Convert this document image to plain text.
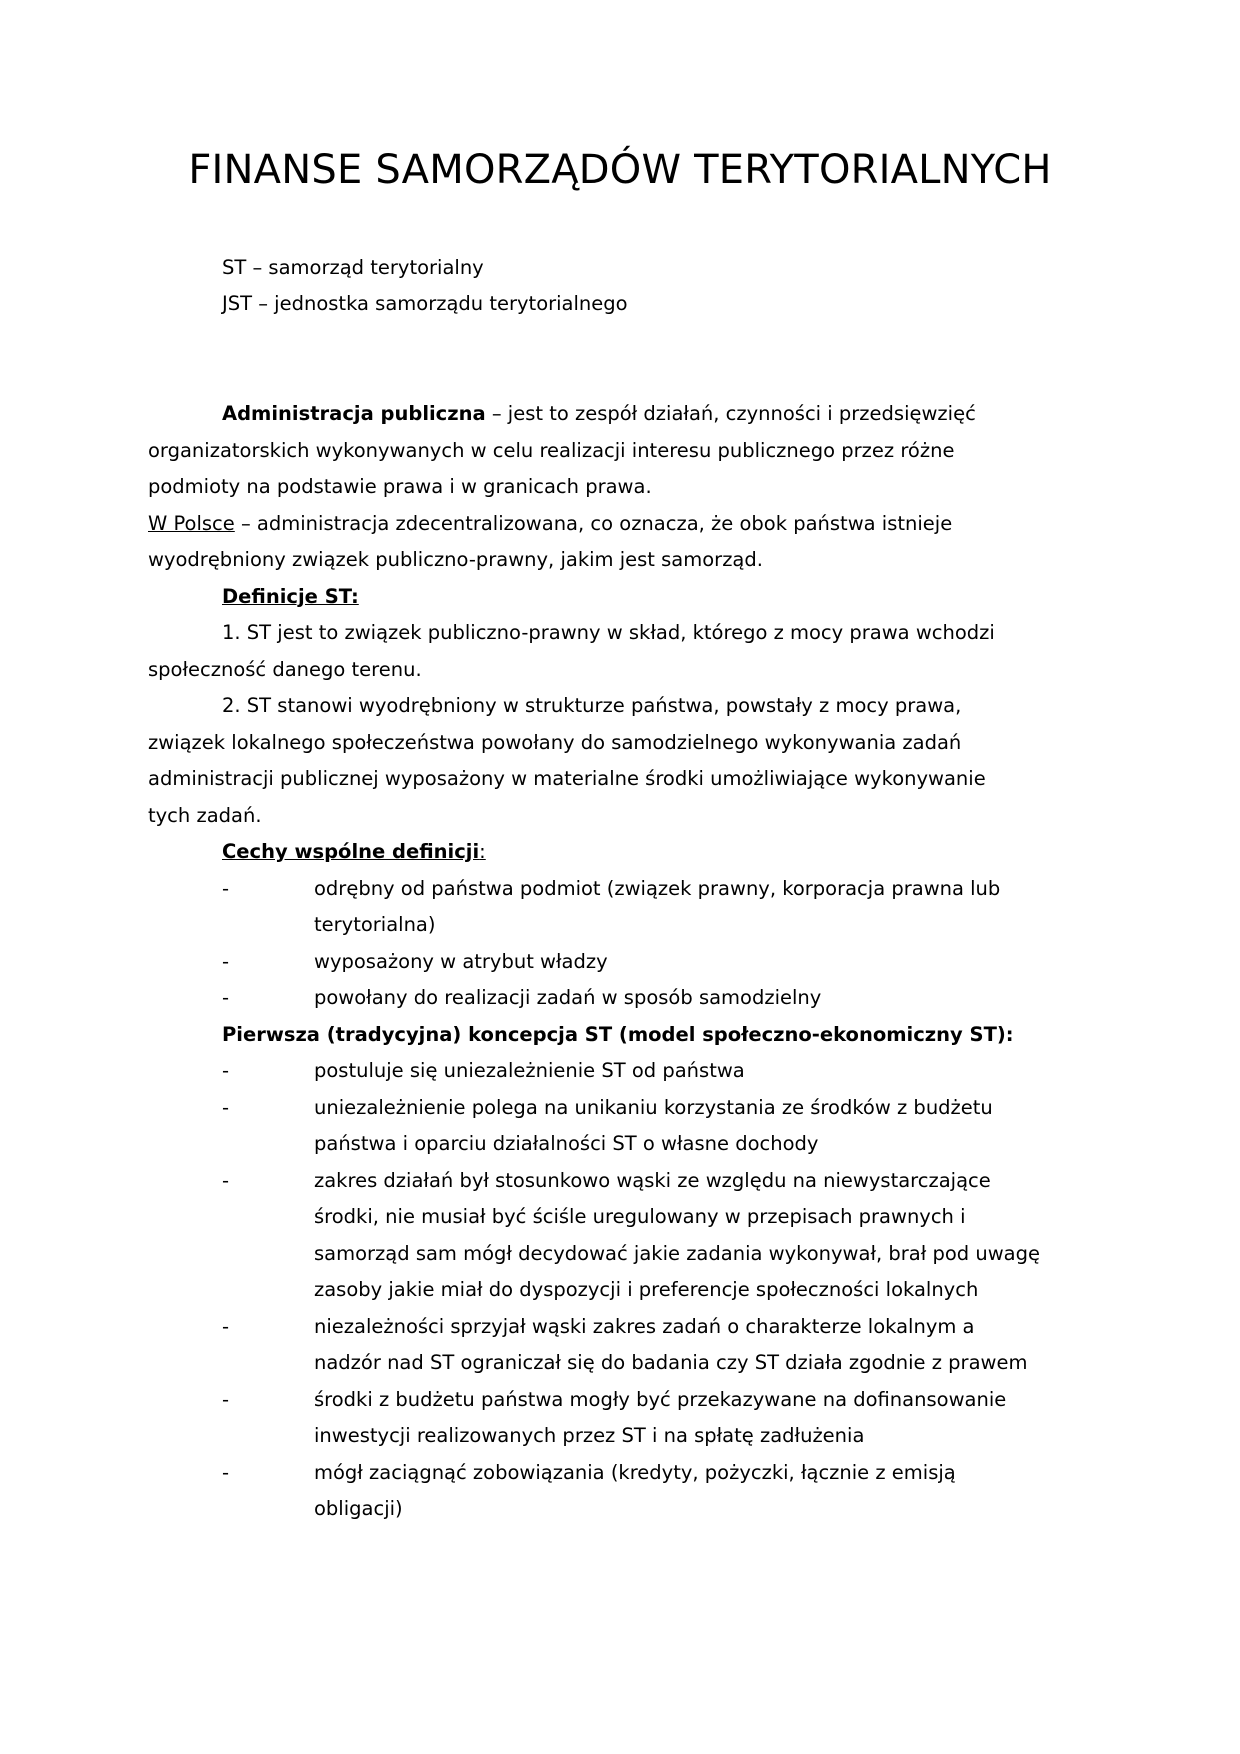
FINANSE SAMORZĄDÓW TERYTORIALNYCH
ST – samorząd terytorialny
JST – jednostka samorządu terytorialnego
Administracja publiczna – jest to zespół działań, czynności i przedsięwzięć
organizatorskich wykonywanych w celu realizacji interesu publicznego przez różne
podmioty na podstawie prawa i w granicach prawa.
W Polsce – administracja zdecentralizowana, co oznacza, że obok państwa istnieje
wyodrębniony związek publiczno-prawny, jakim jest samorząd.
Definicje ST:
1. ST jest to związek publiczno-prawny w skład, którego z mocy prawa wchodzi
społeczność danego terenu.
2. ST stanowi wyodrębniony w strukturze państwa, powstały z mocy prawa,
związek lokalnego społeczeństwa powołany do samodzielnego wykonywania zadań
administracji publicznej wyposażony w materialne środki umożliwiające wykonywanie
tych zadań.
Cechy wspólne definicji:
-	odrębny od państwa podmiot (związek prawny, korporacja prawna lub
terytorialna)
-	wyposażony w atrybut władzy
-	powołany do realizacji zadań w sposób samodzielny
Pierwsza (tradycyjna) koncepcja ST (model społeczno-ekonomiczny ST):
-	postuluje się uniezależnienie ST od państwa
-	uniezależnienie polega na unikaniu korzystania ze środków z budżetu
państwa i oparciu działalności ST o własne dochody
-	zakres działań był stosunkowo wąski ze względu na niewystarczające
środki, nie musiał być ściśle uregulowany w przepisach prawnych i
samorząd sam mógł decydować jakie zadania wykonywał, brał pod uwagę
zasoby jakie miał do dyspozycji i preferencje społeczności lokalnych
-	niezależności sprzyjał wąski zakres zadań o charakterze lokalnym a
nadzór nad ST ograniczał się do badania czy ST działa zgodnie z prawem
-	środki z budżetu państwa mogły być przekazywane na dofinansowanie
inwestycji realizowanych przez ST i na spłatę zadłużenia
-	mógł zaciągnąć zobowiązania (kredyty, pożyczki, łącznie z emisją
obligacji)
